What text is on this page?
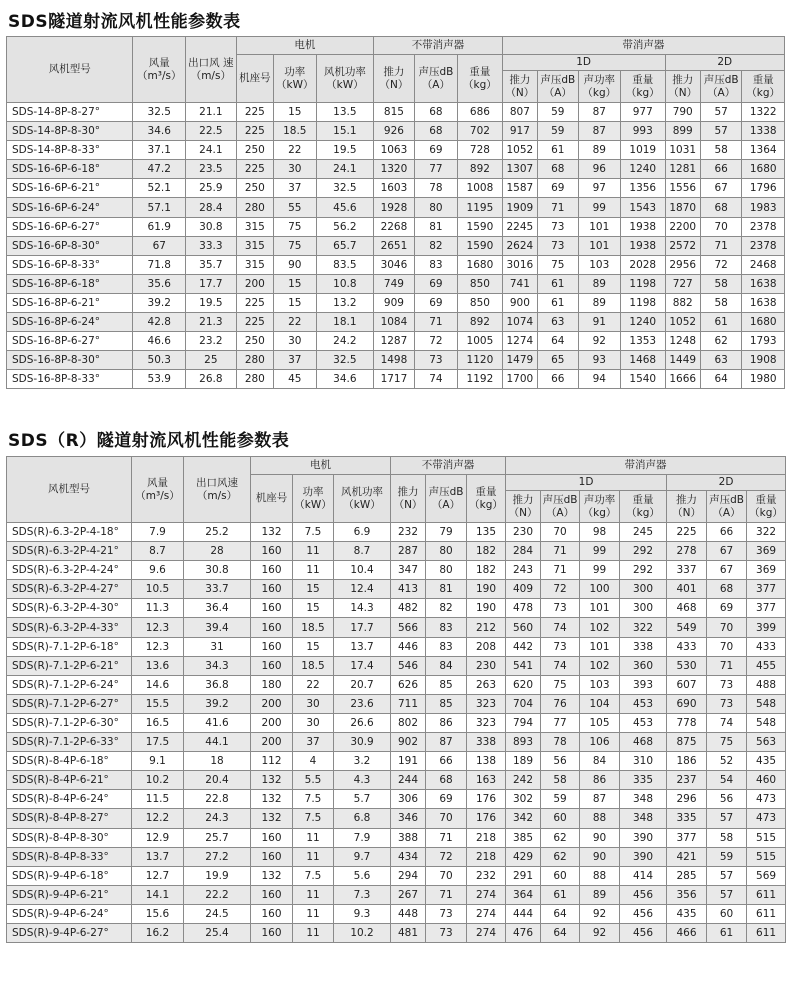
SDS隧道射流风机性能参数表
风机型号	风量 （m³/s）	出口风 速 （m/s）	电机			不带消声器			带消声器						
			机座号	功率 （kW）	风机功率 （kW）	推力 （N）	声压dB （A）	重量 （kg）	1D				2D		
									推力 （N）	声压dB （A）	声功率 （kg）	重量 （kg）	推力 （N）	声压dB （A）	重量 （kg）
SDS-14-8P-8-27°	32.5	21.1	225	15	13.5	815	68	686	807	59	87	977	790	57	1322
SDS-14-8P-8-30°	34.6	22.5	225	18.5	15.1	926	68	702	917	59	87	993	899	57	1338
SDS-14-8P-8-33°	37.1	24.1	250	22	19.5	1063	69	728	1052	61	89	1019	1031	58	1364
SDS-16-6P-6-18°	47.2	23.5	225	30	24.1	1320	77	892	1307	68	96	1240	1281	66	1680
SDS-16-6P-6-21°	52.1	25.9	250	37	32.5	1603	78	1008	1587	69	97	1356	1556	67	1796
SDS-16-6P-6-24°	57.1	28.4	280	55	45.6	1928	80	1195	1909	71	99	1543	1870	68	1983
SDS-16-6P-6-27°	61.9	30.8	315	75	56.2	2268	81	1590	2245	73	101	1938	2200	70	2378
SDS-16-6P-8-30°	67	33.3	315	75	65.7	2651	82	1590	2624	73	101	1938	2572	71	2378
SDS-16-6P-8-33°	71.8	35.7	315	90	83.5	3046	83	1680	3016	75	103	2028	2956	72	2468
SDS-16-8P-6-18°	35.6	17.7	200	15	10.8	749	69	850	741	61	89	1198	727	58	1638
SDS-16-8P-6-21°	39.2	19.5	225	15	13.2	909	69	850	900	61	89	1198	882	58	1638
SDS-16-8P-6-24°	42.8	21.3	225	22	18.1	1084	71	892	1074	63	91	1240	1052	61	1680
SDS-16-8P-6-27°	46.6	23.2	250	30	24.2	1287	72	1005	1274	64	92	1353	1248	62	1793
SDS-16-8P-8-30°	50.3	25	280	37	32.5	1498	73	1120	1479	65	93	1468	1449	63	1908
SDS-16-8P-8-33°	53.9	26.8	280	45	34.6	1717	74	1192	1700	66	94	1540	1666	64	1980
SDS（R）隧道射流风机性能参数表
风机型号	风量 （m³/s）	出口风速 （m/s）	电机			不带消声器			带消声器						
			机座号	功率 （kW）	风机功率 （kW）	推力 （N）	声压dB （A）	重量 （kg）	1D				2D		
									推力 （N）	声压dB （A）	声功率 （kg）	重量 （kg）	推力 （N）	声压dB （A）	重量 （kg）
SDS(R)-6.3-2P-4-18°	7.9	25.2	132	7.5	6.9	232	79	135	230	70	98	245	225	66	322
SDS(R)-6.3-2P-4-21°	8.7	28	160	11	8.7	287	80	182	284	71	99	292	278	67	369
SDS(R)-6.3-2P-4-24°	9.6	30.8	160	11	10.4	347	80	182	243	71	99	292	337	67	369
SDS(R)-6.3-2P-4-27°	10.5	33.7	160	15	12.4	413	81	190	409	72	100	300	401	68	377
SDS(R)-6.3-2P-4-30°	11.3	36.4	160	15	14.3	482	82	190	478	73	101	300	468	69	377
SDS(R)-6.3-2P-4-33°	12.3	39.4	160	18.5	17.7	566	83	212	560	74	102	322	549	70	399
SDS(R)-7.1-2P-6-18°	12.3	31	160	15	13.7	446	83	208	442	73	101	338	433	70	433
SDS(R)-7.1-2P-6-21°	13.6	34.3	160	18.5	17.4	546	84	230	541	74	102	360	530	71	455
SDS(R)-7.1-2P-6-24°	14.6	36.8	180	22	20.7	626	85	263	620	75	103	393	607	73	488
SDS(R)-7.1-2P-6-27°	15.5	39.2	200	30	23.6	711	85	323	704	76	104	453	690	73	548
SDS(R)-7.1-2P-6-30°	16.5	41.6	200	30	26.6	802	86	323	794	77	105	453	778	74	548
SDS(R)-7.1-2P-6-33°	17.5	44.1	200	37	30.9	902	87	338	893	78	106	468	875	75	563
SDS(R)-8-4P-6-18°	9.1	18	112	4	3.2	191	66	138	189	56	84	310	186	52	435
SDS(R)-8-4P-6-21°	10.2	20.4	132	5.5	4.3	244	68	163	242	58	86	335	237	54	460
SDS(R)-8-4P-6-24°	11.5	22.8	132	7.5	5.7	306	69	176	302	59	87	348	296	56	473
SDS(R)-8-4P-8-27°	12.2	24.3	132	7.5	6.8	346	70	176	342	60	88	348	335	57	473
SDS(R)-8-4P-8-30°	12.9	25.7	160	11	7.9	388	71	218	385	62	90	390	377	58	515
SDS(R)-8-4P-8-33°	13.7	27.2	160	11	9.7	434	72	218	429	62	90	390	421	59	515
SDS(R)-9-4P-6-18°	12.7	19.9	132	7.5	5.6	294	70	232	291	60	88	414	285	57	569
SDS(R)-9-4P-6-21°	14.1	22.2	160	11	7.3	267	71	274	364	61	89	456	356	57	611
SDS(R)-9-4P-6-24°	15.6	24.5	160	11	9.3	448	73	274	444	64	92	456	435	60	611
SDS(R)-9-4P-6-27°	16.2	25.4	160	11	10.2	481	73	274	476	64	92	456	466	61	611
